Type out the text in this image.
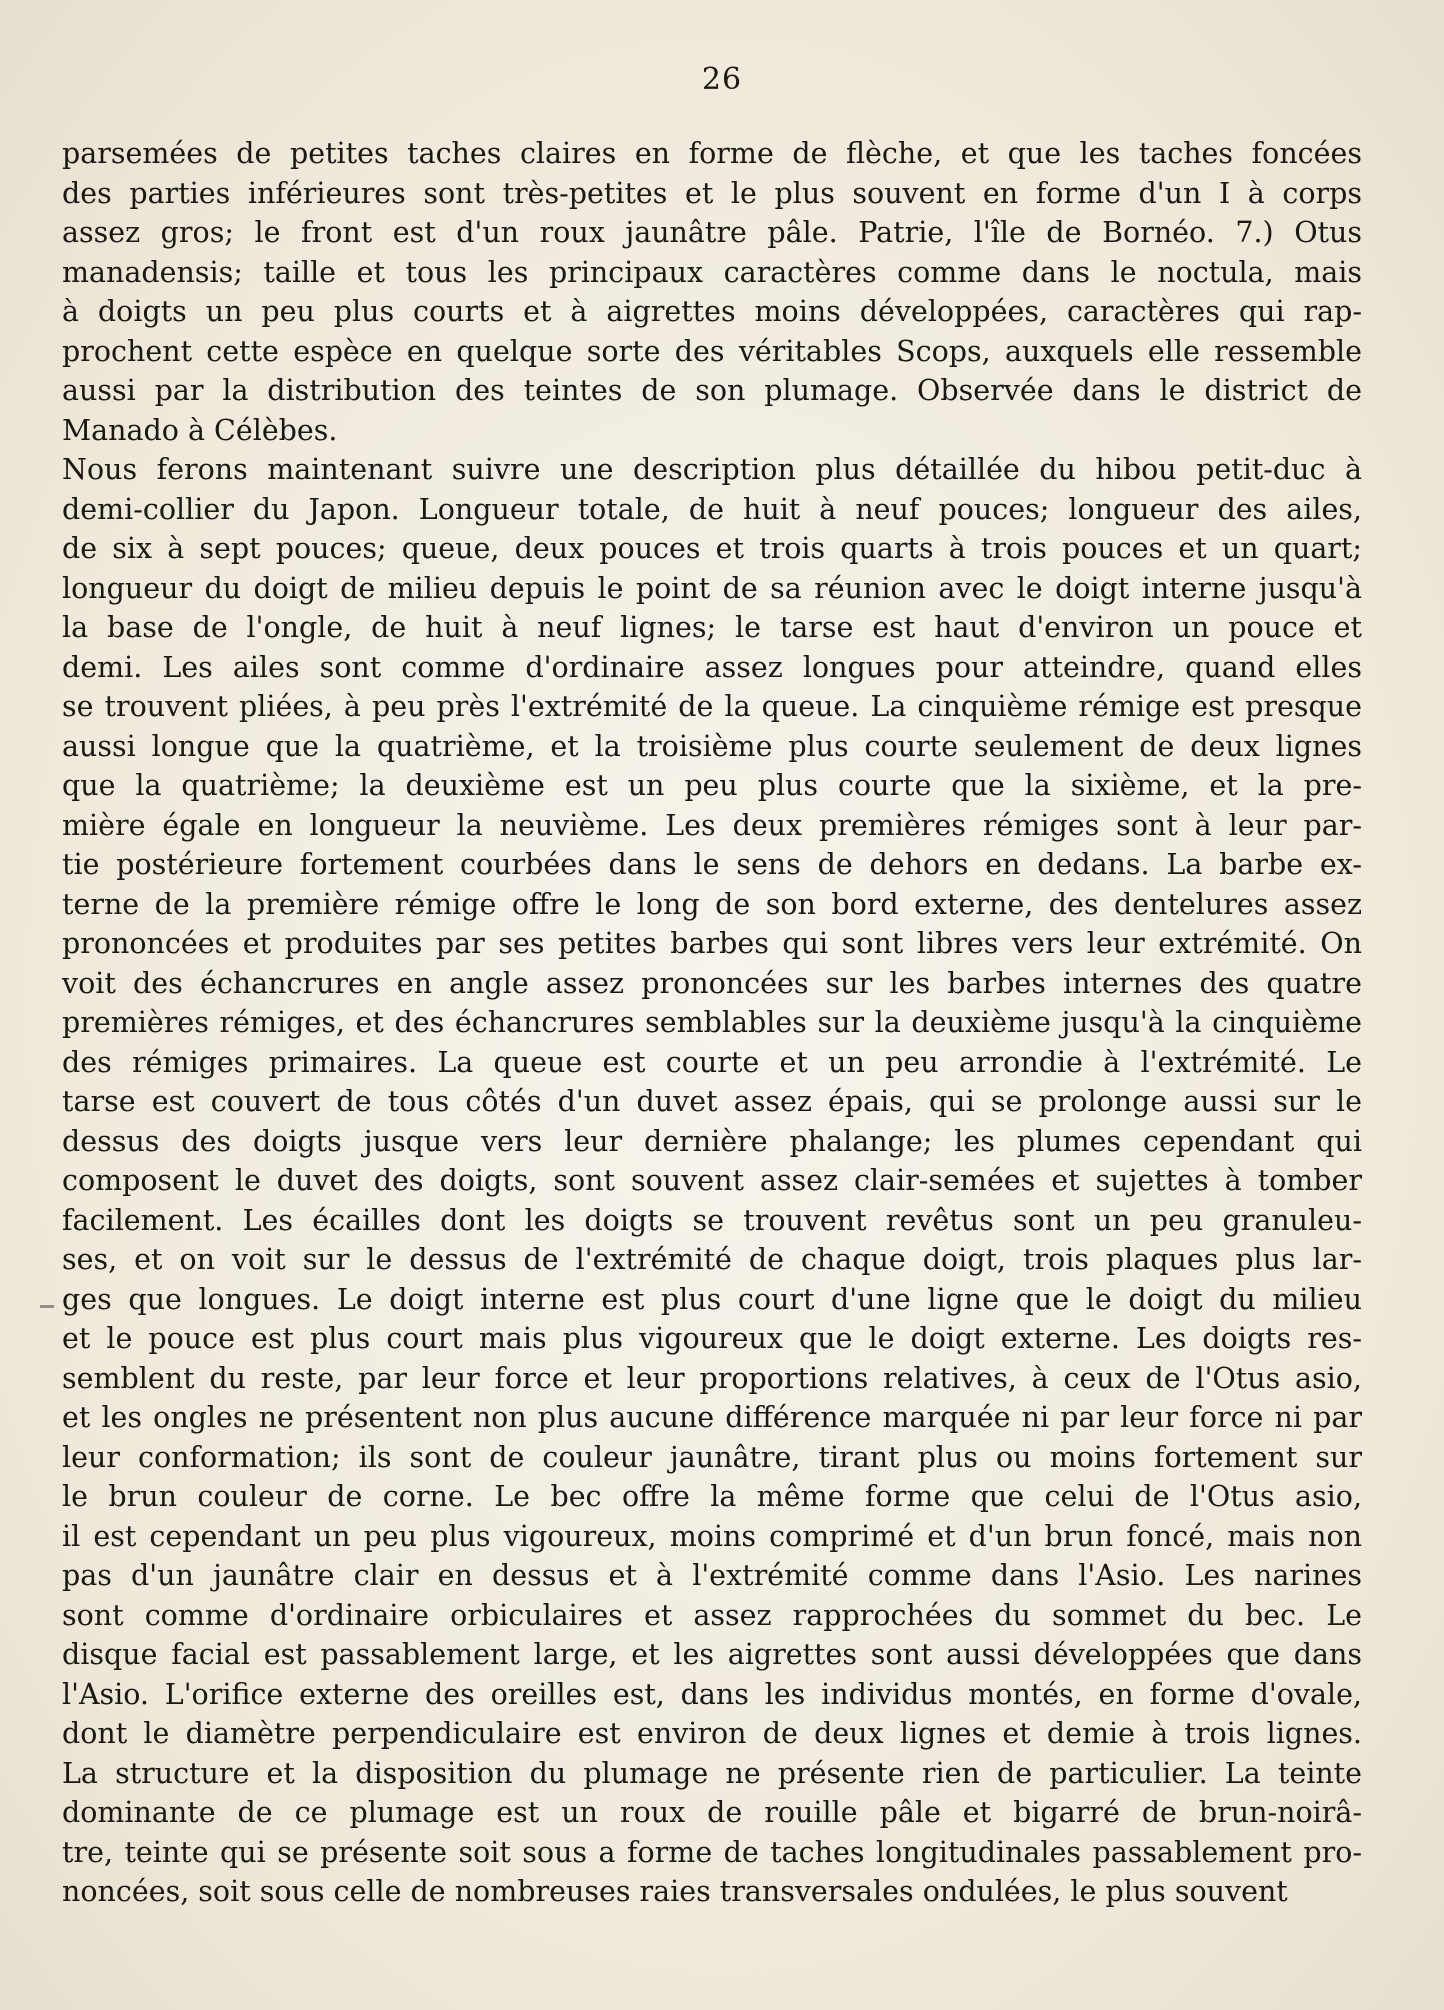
26
parsemées de petites taches claires en forme de flèche, et que les taches foncées
des parties inférieures sont très-petites et le plus souvent en forme d'un I à corps
assez gros; le front est d'un roux jaunâtre pâle. Patrie, l'île de Bornéo. 7.) Otus
manadensis; taille et tous les principaux caractères comme dans le noctula, mais
à doigts un peu plus courts et à aigrettes moins développées, caractères qui rap-
prochent cette espèce en quelque sorte des véritables Scops, auxquels elle ressemble
aussi par la distribution des teintes de son plumage. Observée dans le district de
Manado à Célèbes.
Nous ferons maintenant suivre une description plus détaillée du hibou petit-duc à
demi-collier du Japon. Longueur totale, de huit à neuf pouces; longueur des ailes,
de six à sept pouces; queue, deux pouces et trois quarts à trois pouces et un quart;
longueur du doigt de milieu depuis le point de sa réunion avec le doigt interne jusqu'à
la base de l'ongle, de huit à neuf lignes; le tarse est haut d'environ un pouce et
demi. Les ailes sont comme d'ordinaire assez longues pour atteindre, quand elles
se trouvent pliées, à peu près l'extrémité de la queue. La cinquième rémige est presque
aussi longue que la quatrième, et la troisième plus courte seulement de deux lignes
que la quatrième; la deuxième est un peu plus courte que la sixième, et la pre-
mière égale en longueur la neuvième. Les deux premières rémiges sont à leur par-
tie postérieure fortement courbées dans le sens de dehors en dedans. La barbe ex-
terne de la première rémige offre le long de son bord externe, des dentelures assez
prononcées et produites par ses petites barbes qui sont libres vers leur extrémité. On
voit des échancrures en angle assez prononcées sur les barbes internes des quatre
premières rémiges, et des échancrures semblables sur la deuxième jusqu'à la cinquième
des rémiges primaires. La queue est courte et un peu arrondie à l'extrémité. Le
tarse est couvert de tous côtés d'un duvet assez épais, qui se prolonge aussi sur le
dessus des doigts jusque vers leur dernière phalange; les plumes cependant qui
composent le duvet des doigts, sont souvent assez clair-semées et sujettes à tomber
facilement. Les écailles dont les doigts se trouvent revêtus sont un peu granuleu-
ses, et on voit sur le dessus de l'extrémité de chaque doigt, trois plaques plus lar-
ges que longues. Le doigt interne est plus court d'une ligne que le doigt du milieu
et le pouce est plus court mais plus vigoureux que le doigt externe. Les doigts res-
semblent du reste, par leur force et leur proportions relatives, à ceux de l'Otus asio,
et les ongles ne présentent non plus aucune différence marquée ni par leur force ni par
leur conformation; ils sont de couleur jaunâtre, tirant plus ou moins fortement sur
le brun couleur de corne. Le bec offre la même forme que celui de l'Otus asio,
il est cependant un peu plus vigoureux, moins comprimé et d'un brun foncé, mais non
pas d'un jaunâtre clair en dessus et à l'extrémité comme dans l'Asio. Les narines
sont comme d'ordinaire orbiculaires et assez rapprochées du sommet du bec. Le
disque facial est passablement large, et les aigrettes sont aussi développées que dans
l'Asio. L'orifice externe des oreilles est, dans les individus montés, en forme d'ovale,
dont le diamètre perpendiculaire est environ de deux lignes et demie à trois lignes.
La structure et la disposition du plumage ne présente rien de particulier. La teinte
dominante de ce plumage est un roux de rouille pâle et bigarré de brun-noirâ-
tre, teinte qui se présente soit sous a forme de taches longitudinales passablement pro-
noncées, soit sous celle de nombreuses raies transversales ondulées, le plus souvent
